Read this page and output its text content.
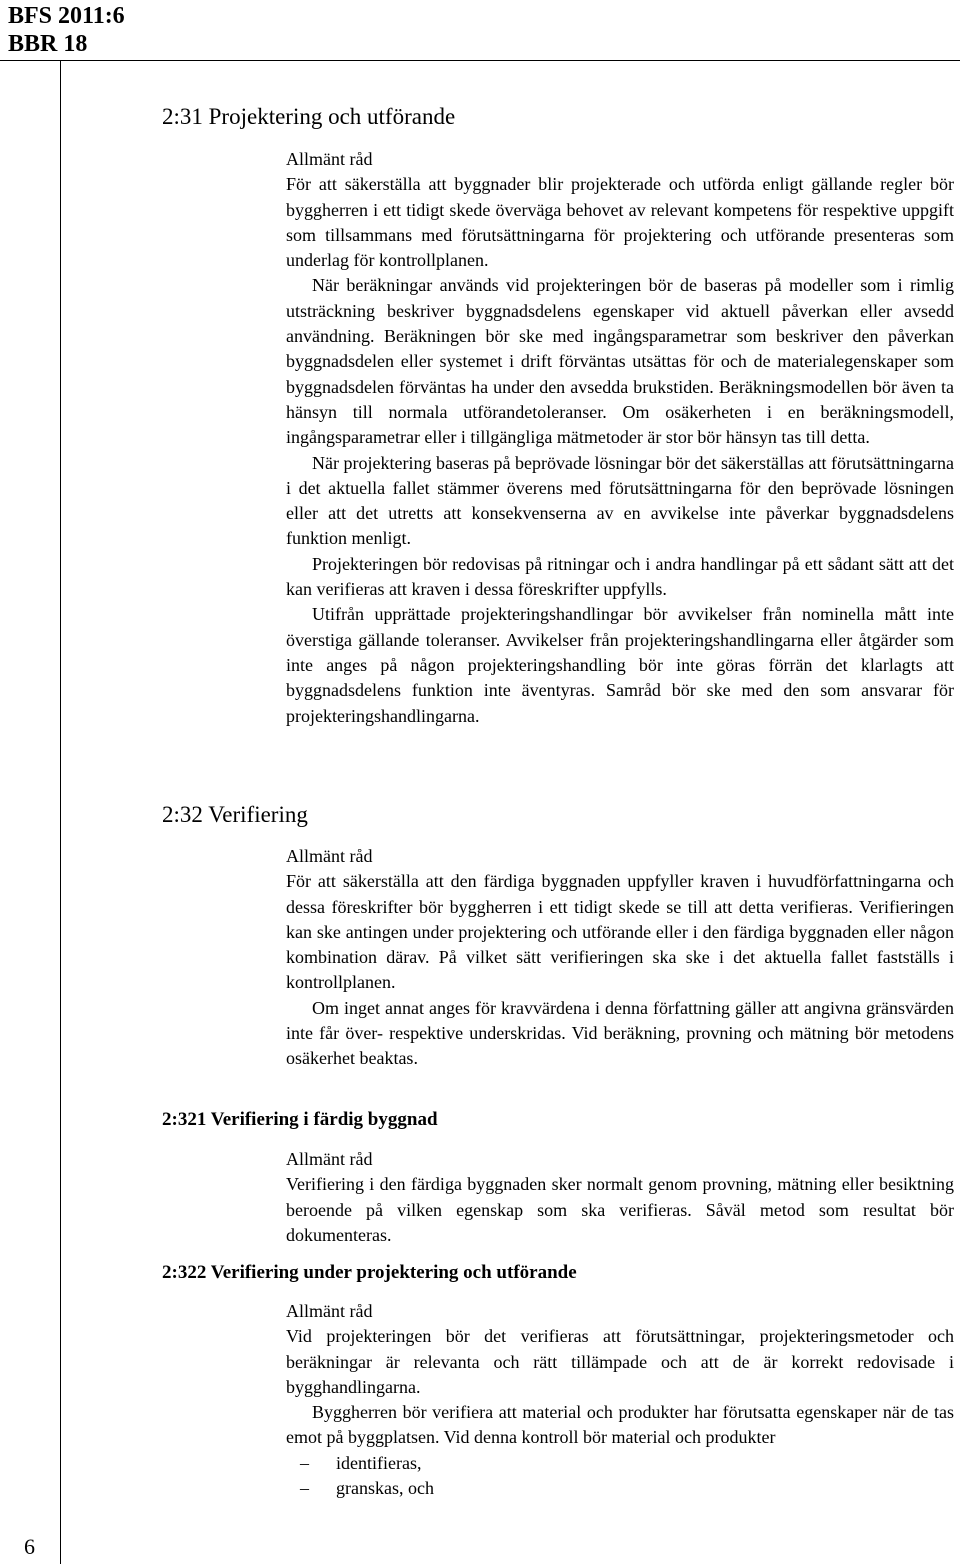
BFS 2011:6
BBR 18
2:31 Projektering och utförande
Allmänt råd

För att säkerställa att byggnader blir projekterade och utförda enligt gällande regler bör byggherren i ett tidigt skede överväga behovet av relevant kompetens för respektive uppgift som tillsammans med förutsättningarna för projektering och utförande presenteras som underlag för kontrollplanen.

När beräkningar används vid projekteringen bör de baseras på modeller som i rimlig utsträckning beskriver byggnadsdelens egenskaper vid aktuell påverkan eller avsedd användning. Beräkningen bör ske med ingångsparametrar som beskriver den påverkan byggnadsdelen eller systemet i drift förväntas utsättas för och de materialegenskaper som byggnadsdelen förväntas ha under den avsedda brukstiden. Beräkningsmodellen bör även ta hänsyn till normala utförandetoleranser. Om osäkerheten i en beräkningsmodell, ingångsparametrar eller i tillgängliga mätmetoder är stor bör hänsyn tas till detta.

När projektering baseras på beprövade lösningar bör det säkerställas att förutsättningarna i det aktuella fallet stämmer överens med förutsättningarna för den beprövade lösningen eller att det utretts att konsekvenserna av en avvikelse inte påverkar byggnadsdelens funktion menligt.

Projekteringen bör redovisas på ritningar och i andra handlingar på ett sådant sätt att det kan verifieras att kraven i dessa föreskrifter uppfylls.

Utifrån upprättade projekteringshandlingar bör avvikelser från nominella mått inte överstiga gällande toleranser. Avvikelser från projekteringshandlingarna eller åtgärder som inte anges på någon projekteringshandling bör inte göras förrän det klarlagts att byggnadsdelens funktion inte äventyras. Samråd bör ske med den som ansvarar för projekteringshandlingarna.

2:32 Verifiering
Allmänt råd

För att säkerställa att den färdiga byggnaden uppfyller kraven i huvudförfattningarna och dessa föreskrifter bör byggherren i ett tidigt skede se till att detta verifieras. Verifieringen kan ske antingen under projektering och utförande eller i den färdiga byggnaden eller någon kombination därav. På vilket sätt verifieringen ska ske i det aktuella fallet fastställs i kontrollplanen.

Om inget annat anges för kravvärdena i denna författning gäller att angivna gränsvärden inte får över- respektive underskridas. Vid beräkning, provning och mätning bör metodens osäkerhet beaktas.

2:321 Verifiering i färdig byggnad
Allmänt råd

Verifiering i den färdiga byggnaden sker normalt genom provning, mätning eller besiktning beroende på vilken egenskap som ska verifieras. Såväl metod som resultat bör dokumenteras.

2:322 Verifiering under projektering och utförande
Allmänt råd

Vid projekteringen bör det verifieras att förutsättningar, projekteringsmetoder och beräkningar är relevanta och rätt tillämpade och att de är korrekt redovisade i bygghandlingarna.

Byggherren bör verifiera att material och produkter har förutsatta egenskaper när de tas emot på byggplatsen. Vid denna kontroll bör material och produkter

– identifieras,
– granskas, och
6
